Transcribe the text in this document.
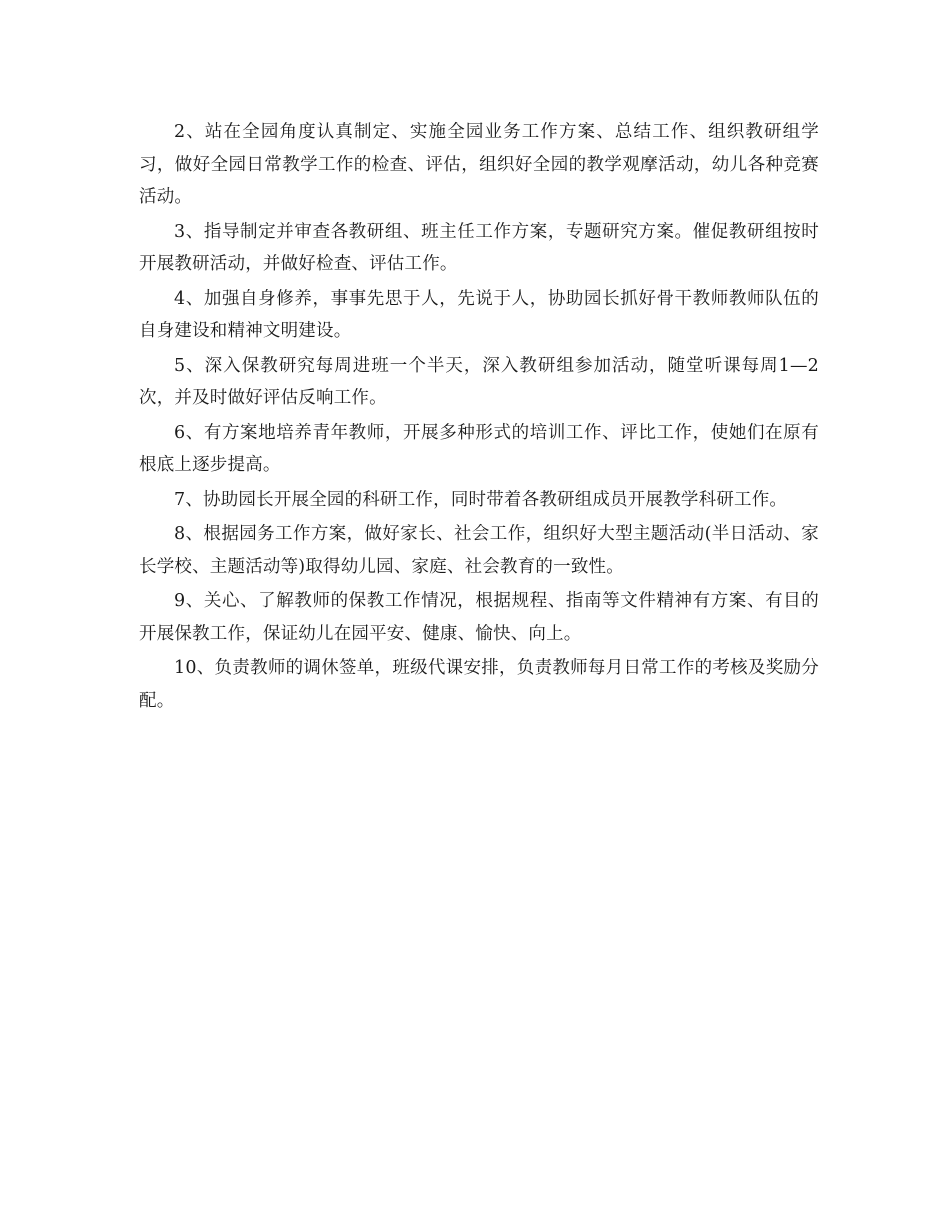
2、站在全园角度认真制定、实施全园业务工作方案、总结工作、组织教研组学习，做好全园日常教学工作的检查、评估，组织好全园的教学观摩活动，幼儿各种竞赛活动。

3、指导制定并审查各教研组、班主任工作方案，专题研究方案。催促教研组按时开展教研活动，并做好检查、评估工作。

4、加强自身修养，事事先思于人，先说于人，协助园长抓好骨干教师教师队伍的自身建设和精神文明建设。

5、深入保教研究每周进班一个半天，深入教研组参加活动，随堂听课每周1—2次，并及时做好评估反响工作。

6、有方案地培养青年教师，开展多种形式的培训工作、评比工作，使她们在原有根底上逐步提高。

7、协助园长开展全园的科研工作，同时带着各教研组成员开展教学科研工作。

8、根据园务工作方案，做好家长、社会工作，组织好大型主题活动(半日活动、家长学校、主题活动等)取得幼儿园、家庭、社会教育的一致性。

9、关心、了解教师的保教工作情况，根据规程、指南等文件精神有方案、有目的开展保教工作，保证幼儿在园平安、健康、愉快、向上。

10、负责教师的调休签单，班级代课安排，负责教师每月日常工作的考核及奖励分配。
